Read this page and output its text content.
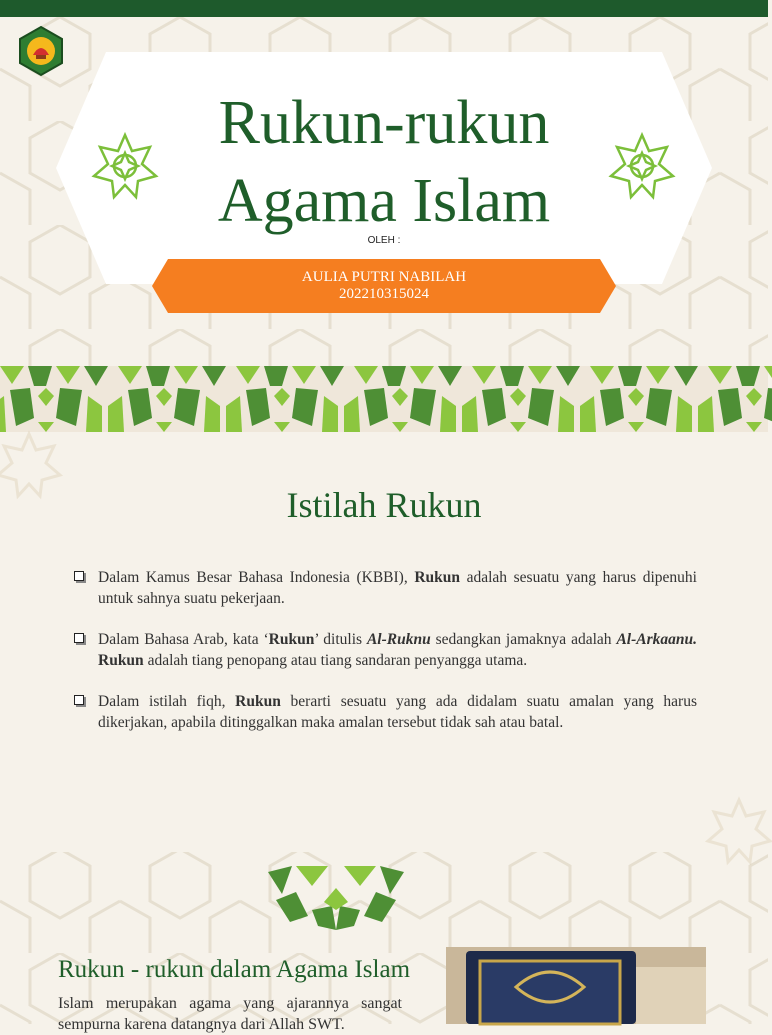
Rukun-rukun
Agama Islam
OLEH :
AULIA PUTRI NABILAH
202210315024
Istilah Rukun
Dalam Kamus Besar Bahasa Indonesia (KBBI), Rukun adalah sesuatu yang harus dipenuhi untuk sahnya suatu pekerjaan.
Dalam Bahasa Arab, kata ‘Rukun’ ditulis Al-Ruknu sedangkan jamaknya adalah Al-Arkaanu. Rukun adalah tiang penopang atau tiang sandaran penyangga utama.
Dalam istilah fiqh, Rukun berarti sesuatu yang ada didalam suatu amalan yang harus dikerjakan, apabila ditinggalkan maka amalan tersebut tidak sah atau batal.
Rukun - rukun dalam Agama Islam
Islam merupakan agama yang ajarannya sangat sempurna karena datangnya dari Allah SWT.
